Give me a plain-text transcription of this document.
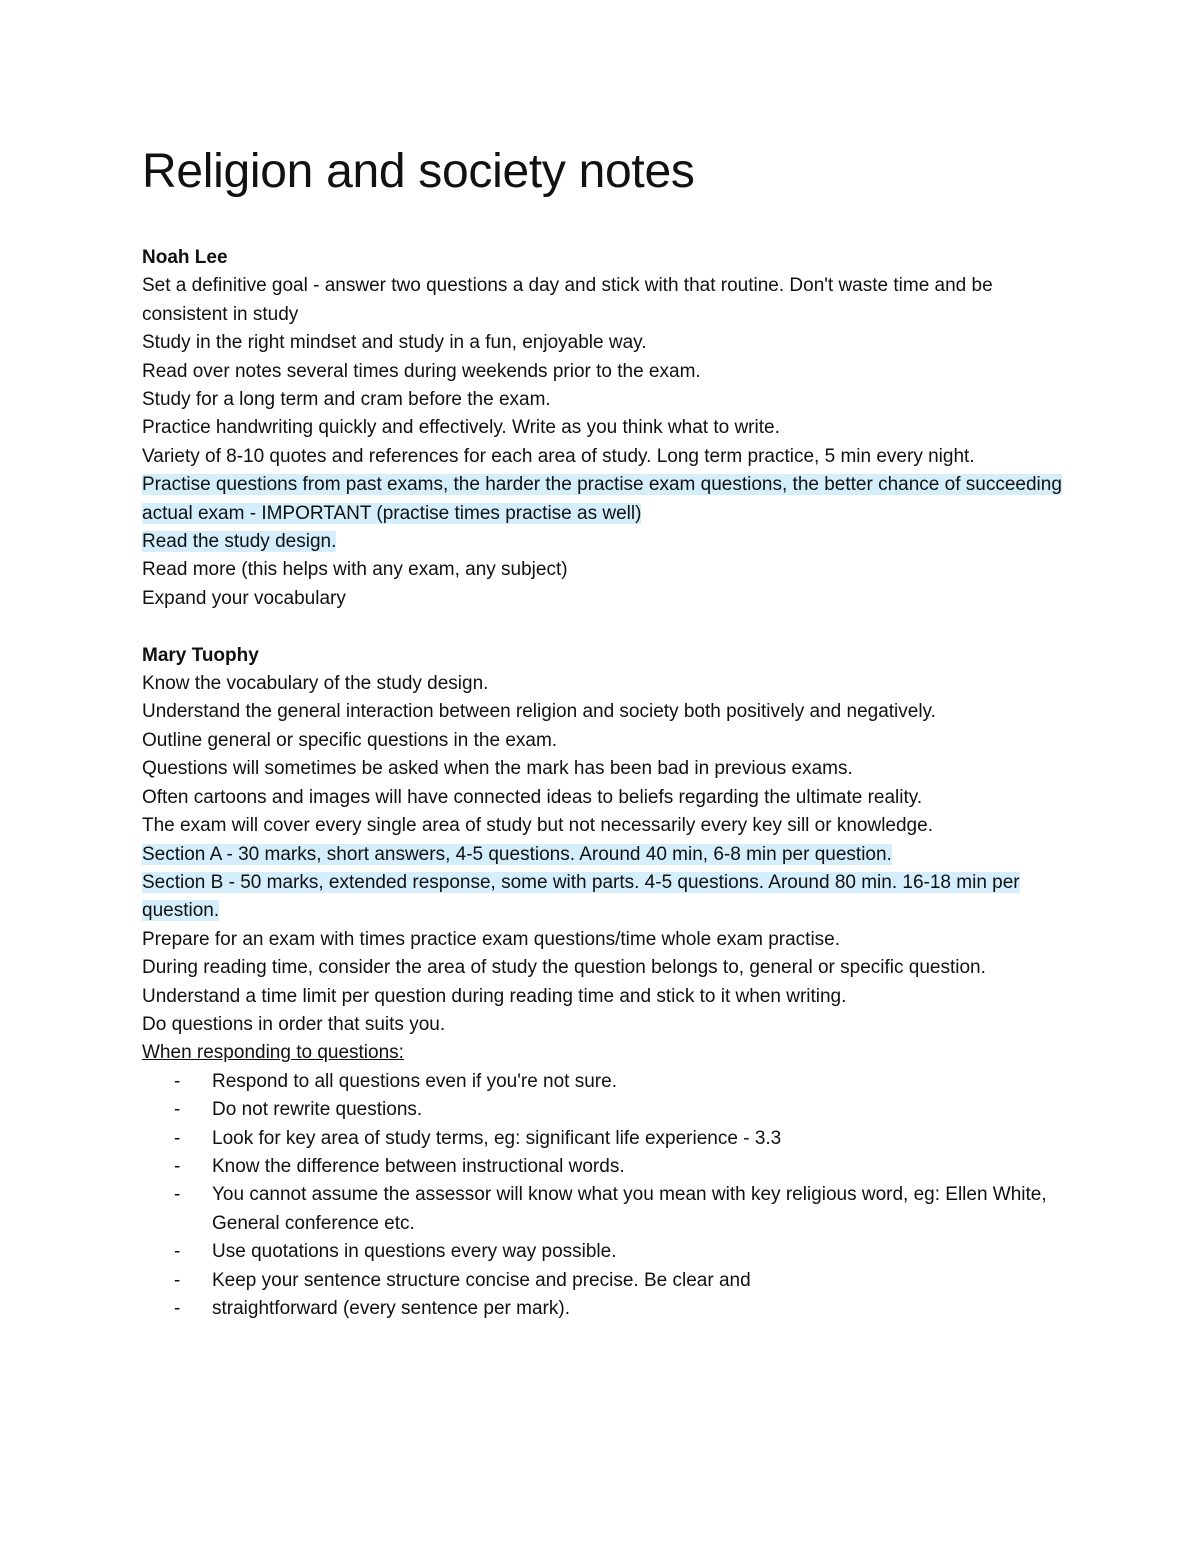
Religion and society notes
Noah Lee
Set a definitive goal - answer two questions a day and stick with that routine. Don't waste time and be consistent in study
Study in the right mindset and study in a fun, enjoyable way.
Read over notes several times during weekends prior to the exam.
Study for a long term and cram before the exam.
Practice handwriting quickly and effectively. Write as you think what to write.
Variety of 8-10 quotes and references for each area of study. Long term practice, 5 min every night.
Practise questions from past exams, the harder the practise exam questions, the better chance of succeeding actual exam - IMPORTANT (practise times practise as well)
Read the study design.
Read more (this helps with any exam, any subject)
Expand your vocabulary
Mary Tuophy
Know the vocabulary of the study design.
Understand the general interaction between religion and society both positively and negatively.
Outline general or specific questions in the exam.
Questions will sometimes be asked when the mark has been bad in previous exams.
Often cartoons and images will have connected ideas to beliefs regarding the ultimate reality.
The exam will cover every single area of study but not necessarily every key sill or knowledge.
Section A - 30 marks, short answers, 4-5 questions. Around 40 min, 6-8 min per question.
Section B - 50 marks, extended response, some with parts. 4-5 questions. Around 80 min. 16-18 min per question.
Prepare for an exam with times practice exam questions/time whole exam practise.
During reading time, consider the area of study the question belongs to, general or specific question. Understand a time limit per question during reading time and stick to it when writing.
Do questions in order that suits you.
When responding to questions:
- Respond to all questions even if you're not sure.
- Do not rewrite questions.
- Look for key area of study terms, eg: significant life experience - 3.3
- Know the difference between instructional words.
- You cannot assume the assessor will know what you mean with key religious word, eg: Ellen White, General conference etc.
- Use quotations in questions every way possible.
- Keep your sentence structure concise and precise. Be clear and
- straightforward (every sentence per mark).
